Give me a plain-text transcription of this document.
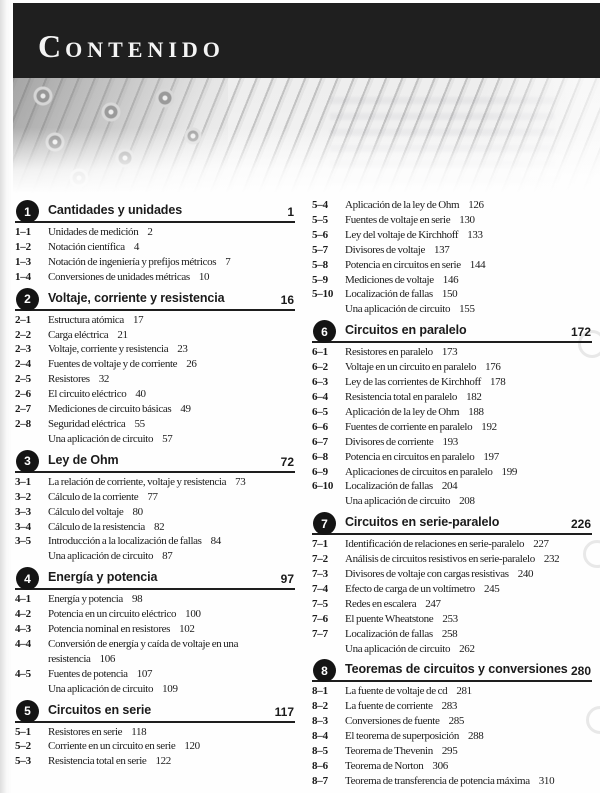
CONTENIDO
1 Cantidades y unidades	1
1–1	Unidades de medición 2
1–2	Notación científica 4
1–3	Notación de ingeniería y prefijos métricos 7
1–4	Conversiones de unidades métricas 10
2 Voltaje, corriente y resistencia	16
2–1	Estructura atómica 17
2–2	Carga eléctrica 21
2–3	Voltaje, corriente y resistencia 23
2–4	Fuentes de voltaje y de corriente 26
2–5	Resistores 32
2–6	El circuito eléctrico 40
2–7	Mediciones de circuito básicas 49
2–8	Seguridad eléctrica 55
Una aplicación de circuito 57
3 Ley de Ohm	72
3–1	La relación de corriente, voltaje y resistencia 73
3–2	Cálculo de la corriente 77
3–3	Cálculo del voltaje 80
3–4	Cálculo de la resistencia 82
3–5	Introducción a la localización de fallas 84
Una aplicación de circuito 87
4 Energía y potencia	97
4–1	Energía y potencia 98
4–2	Potencia en un circuito eléctrico 100
4–3	Potencia nominal en resistores 102
4–4	Conversión de energía y caída de voltaje en una resistencia 106
4–5	Fuentes de potencia 107
Una aplicación de circuito 109
5 Circuitos en serie	117
5–1	Resistores en serie 118
5–2	Corriente en un circuito en serie 120
5–3	Resistencia total en serie 122
5–4	Aplicación de la ley de Ohm 126
5–5	Fuentes de voltaje en serie 130
5–6	Ley del voltaje de Kirchhoff 133
5–7	Divisores de voltaje 137
5–8	Potencia en circuitos en serie 144
5–9	Mediciones de voltaje 146
5–10	Localización de fallas 150
Una aplicación de circuito 155
6 Circuitos en paralelo	172
6–1	Resistores en paralelo 173
6–2	Voltaje en un circuito en paralelo 176
6–3	Ley de las corrientes de Kirchhoff 178
6–4	Resistencia total en paralelo 182
6–5	Aplicación de la ley de Ohm 188
6–6	Fuentes de corriente en paralelo 192
6–7	Divisores de corriente 193
6–8	Potencia en circuitos en paralelo 197
6–9	Aplicaciones de circuitos en paralelo 199
6–10	Localización de fallas 204
Una aplicación de circuito 208
7 Circuitos en serie-paralelo	226
7–1	Identificación de relaciones en serie-paralelo 227
7–2	Análisis de circuitos resistivos en serie-paralelo 232
7–3	Divisores de voltaje con cargas resistivas 240
7–4	Efecto de carga de un voltímetro 245
7–5	Redes en escalera 247
7–6	El puente Wheatstone 253
7–7	Localización de fallas 258
Una aplicación de circuito 262
8 Teoremas de circuitos y conversiones 280
8–1	La fuente de voltaje de cd 281
8–2	La fuente de corriente 283
8–3	Conversiones de fuente 285
8–4	El teorema de superposición 288
8–5	Teorema de Thevenin 295
8–6	Teorema de Norton 306
8–7	Teorema de transferencia de potencia máxima 310
